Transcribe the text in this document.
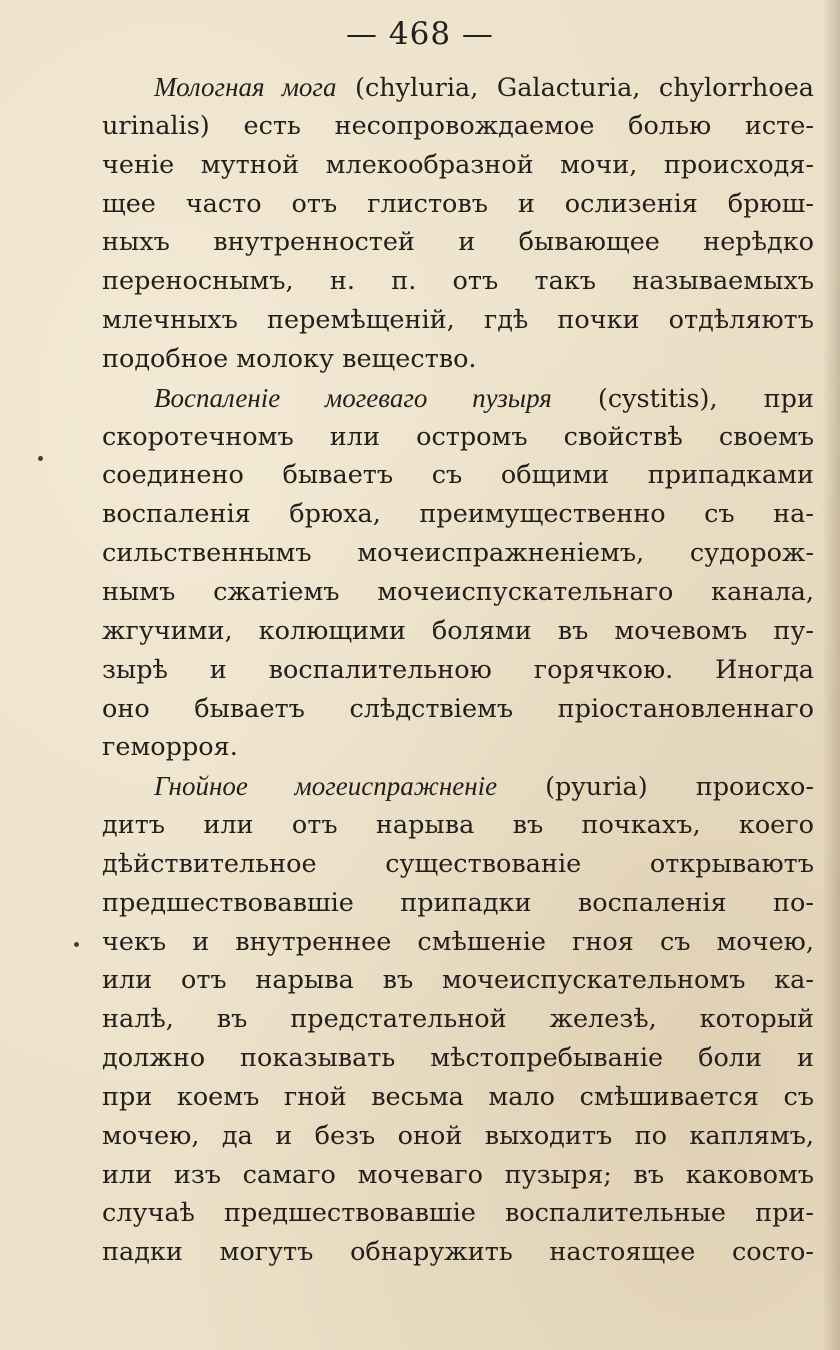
— 468 —
Мологная мога (chyluria, Galacturia, chylorrhoea
urinalis) есть несопровождаемое болью исте-
ченіе мутной млекообразной мочи, происходя-
щее часто отъ глистовъ и ослизенія брюш-
ныхъ внутренностей и бывающее нерѣдко
переноснымъ, н. п. отъ такъ называемыхъ
млечныхъ перемѣщеній, гдѣ почки отдѣляютъ
подобное молоку вещество.
Воспаленіе могеваго пузыря (cystitis), при
скоротечномъ или остромъ свойствѣ своемъ
соединено бываетъ съ общими припадками
воспаленія брюха, преимущественно съ на-
сильственнымъ мочеиспражненіемъ, судорож-
нымъ сжатіемъ мочеиспускательнаго канала,
жгучими, колющими болями въ мочевомъ пу-
зырѣ и воспалительною горячкою. Иногда
оно бываетъ слѣдствіемъ пріостановленнаго
геморроя.
Гнойное могеиспражненіе (pyuria) происхо-
дитъ или отъ нарыва въ почкахъ, коего
дѣйствительное существованіе открываютъ
предшествовавшіе припадки воспаленія по-
чекъ и внутреннее смѣшеніе гноя съ мочею,
или отъ нарыва въ мочеиспускательномъ ка-
налѣ, въ предстательной железѣ, который
должно показывать мѣстопребываніе боли и
при коемъ гной весьма мало смѣшивается съ
мочею, да и безъ оной выходитъ по каплямъ,
или изъ самаго мочеваго пузыря; въ каковомъ
случаѣ предшествовавшіе воспалительные при-
падки могутъ обнаружить настоящее состо-
